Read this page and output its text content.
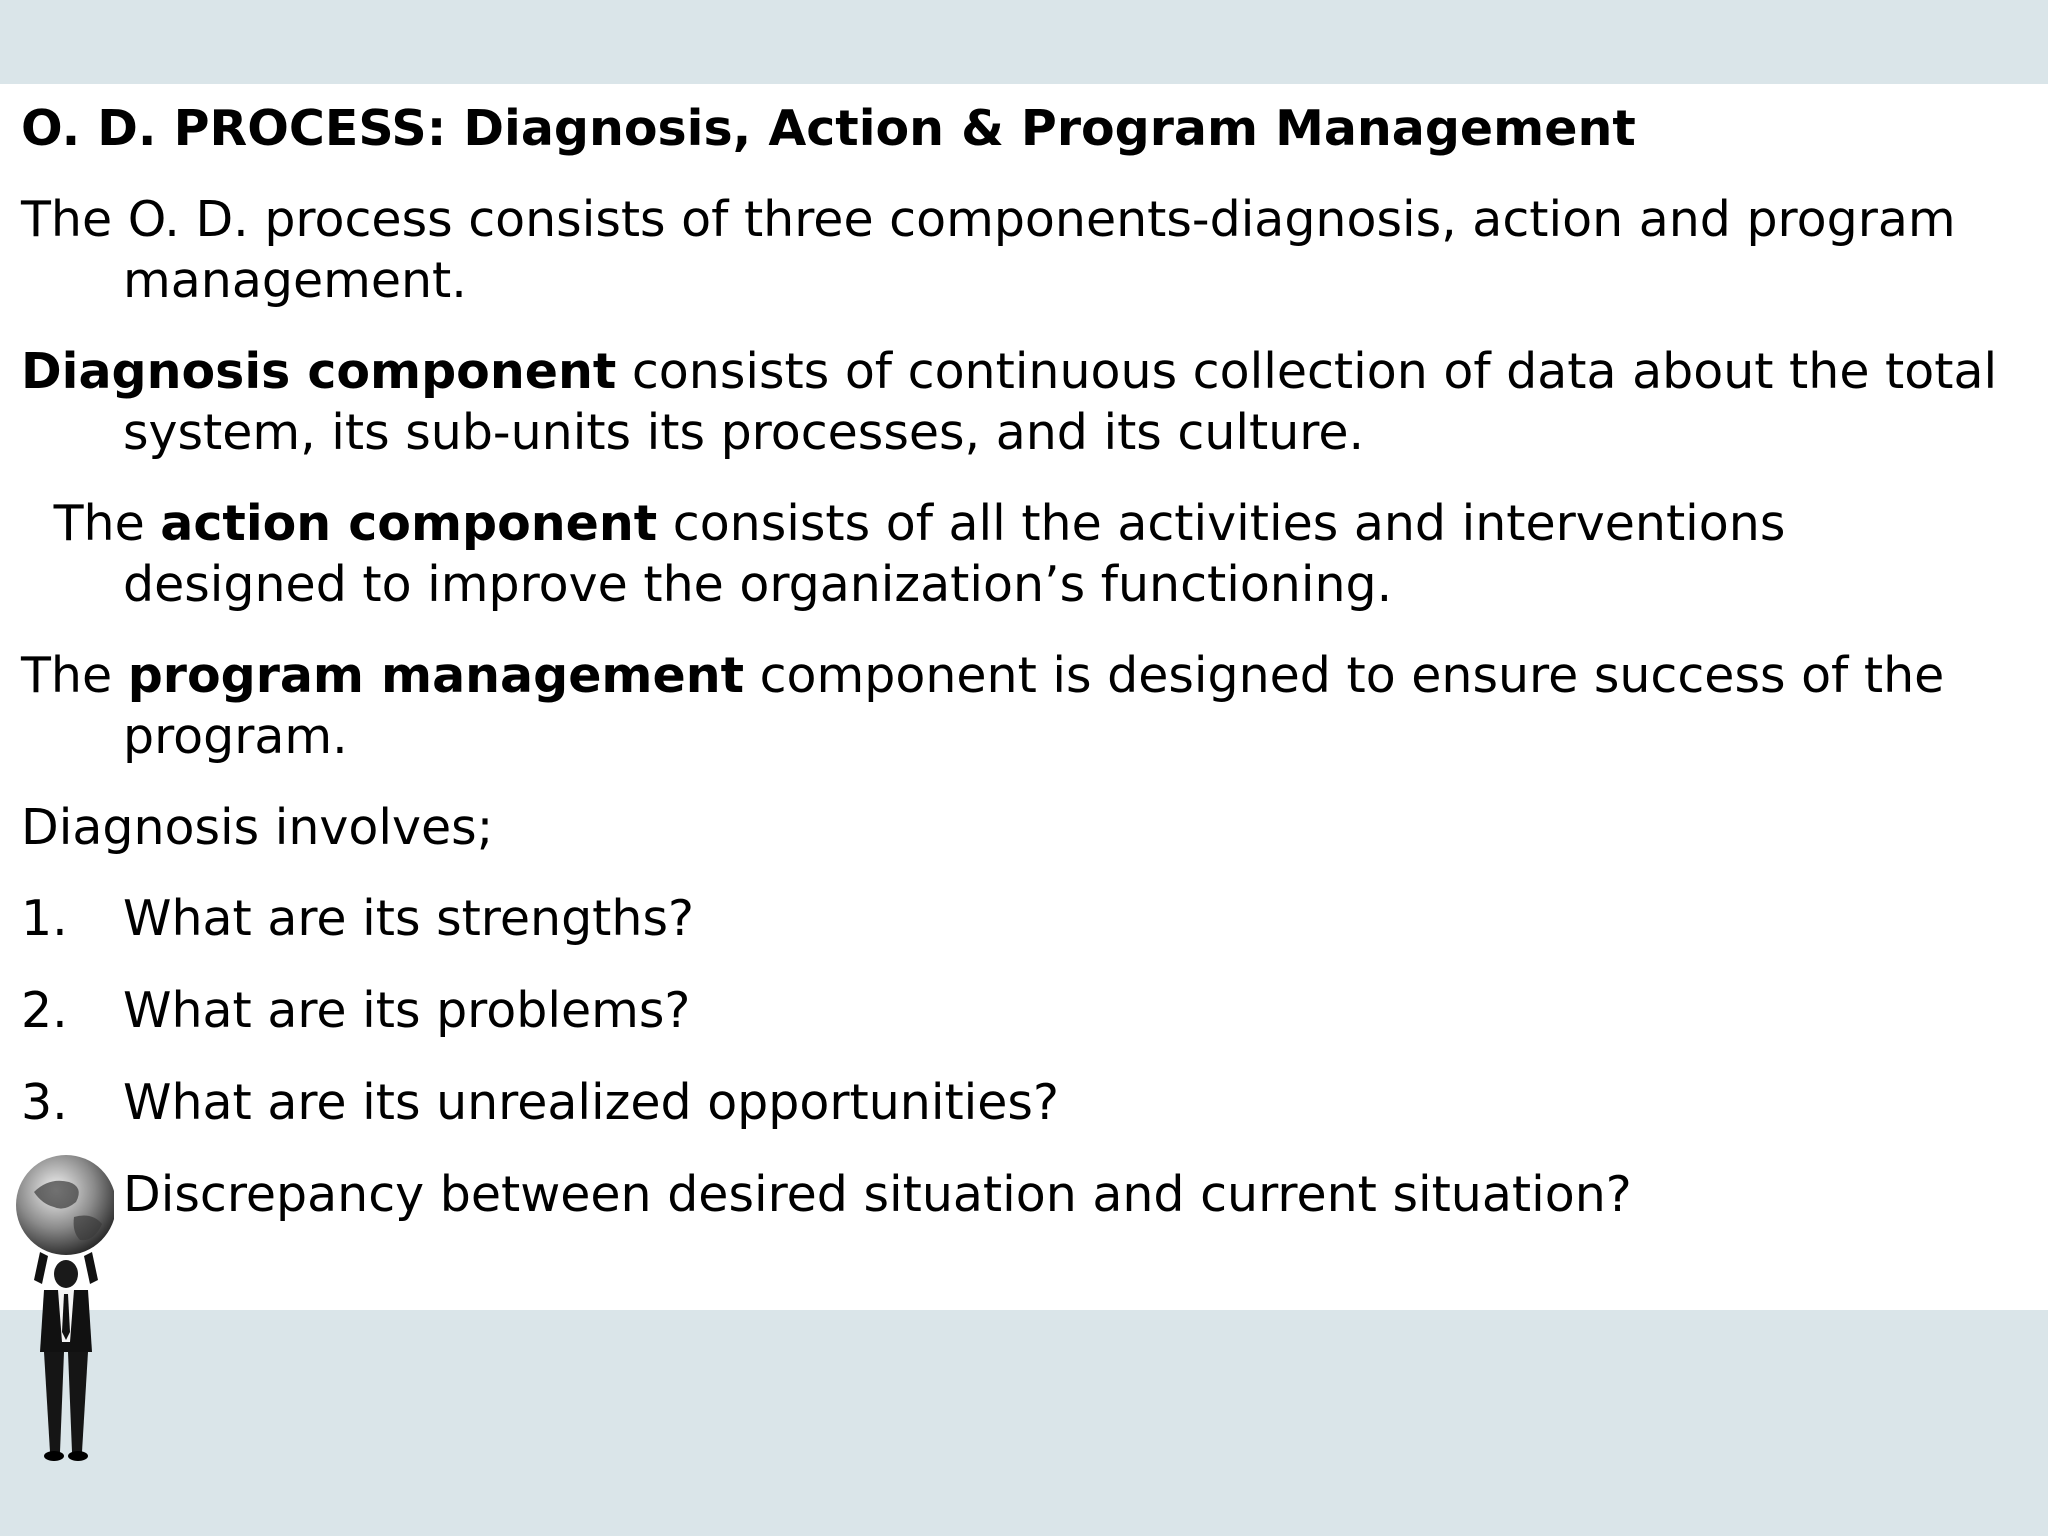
O. D. PROCESS: Diagnosis, Action & Program Management
The O. D. process consists of three components-diagnosis, action and program management.
Diagnosis component consists of continuous collection of data about the total system, its sub-units its processes, and its culture.
The action component consists of all the activities and interventions designed to improve the organization’s functioning.
The program management component is designed to ensure success of the program.
Diagnosis involves;
1. What are its strengths?
2. What are its problems?
3. What are its unrealized opportunities?
Discrepancy between desired situation and current situation?
